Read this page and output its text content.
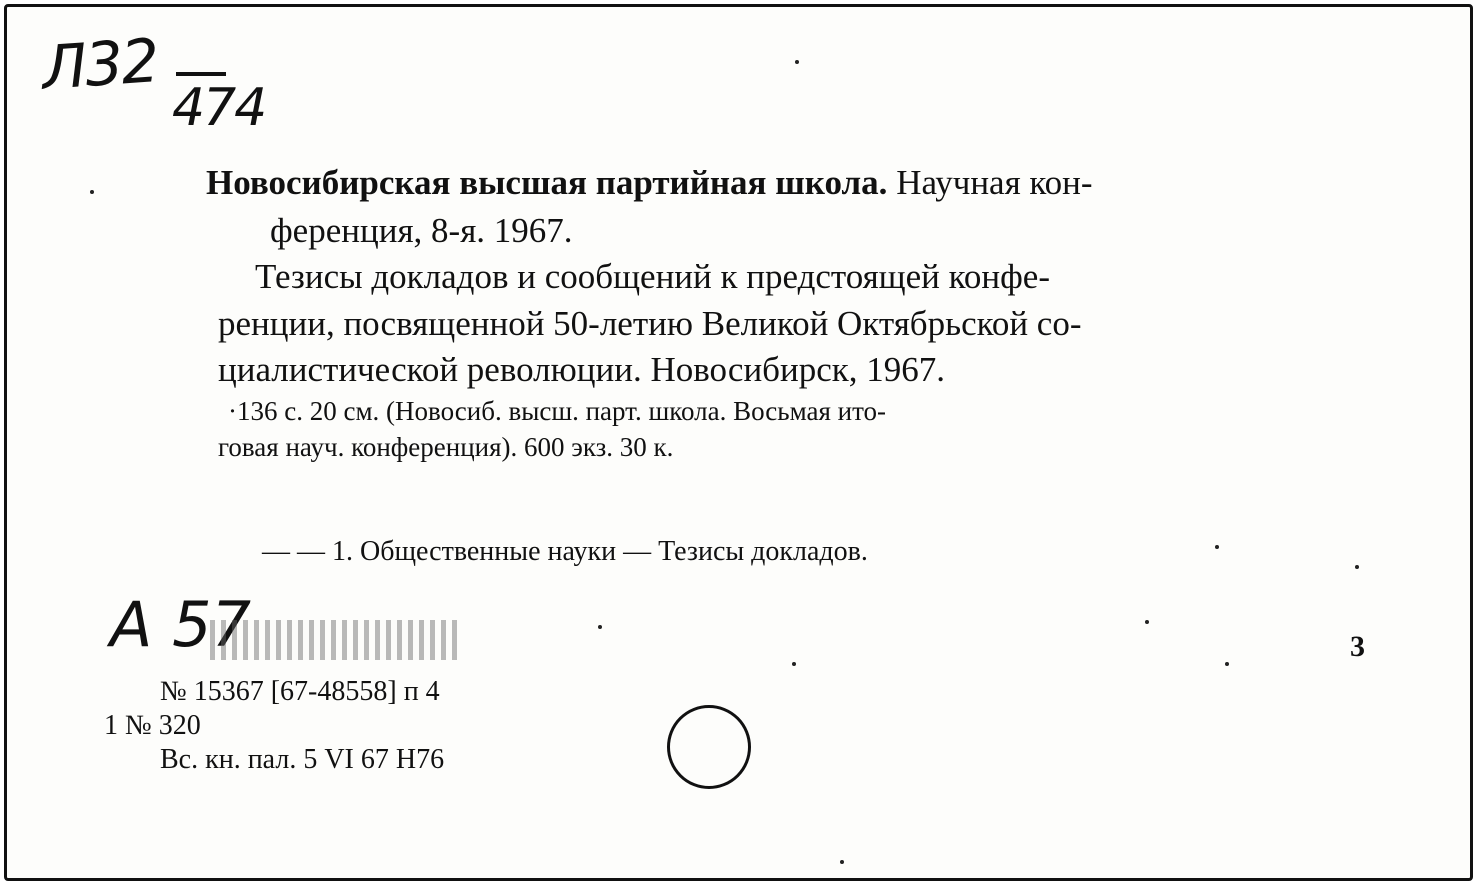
Л32
474
Новосибирская высшая партийная школа. Научная кон-
ференция, 8-я. 1967.
Тезисы докладов и сообщений к предстоящей конфе-
ренции, посвященной 50-летию Великой Октябрьской со-
циалистической революции. Новосибирск, 1967.
·136 с. 20 см. (Новосиб. высш. парт. школа. Восьмая ито-
говая науч. конференция). 600 экз. 30 к.
— — 1. Общественные науки — Тезисы докладов.
А 57	3
№ 15367 [67-48558] п 4
1 № 320
Вс. кн. пал. 5 VI 67 Н76
